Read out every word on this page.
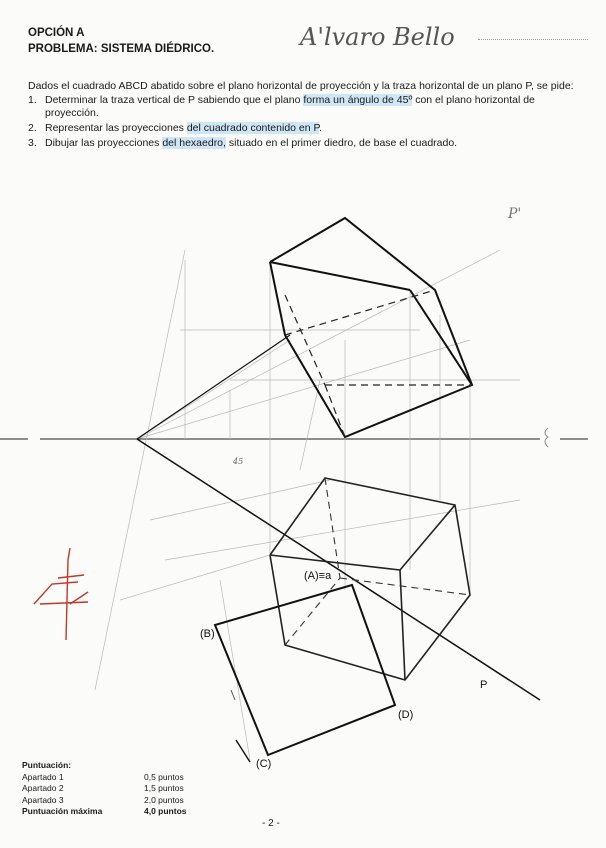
OPCIÓN A
PROBLEMA: SISTEMA DIÉDRICO.
Dados el cuadrado ABCD abatido sobre el plano horizontal de proyección y la traza horizontal de un plano P, se pide:
1. Determinar la traza vertical de P sabiendo que el plano forma un ángulo de 45º con el plano horizontal de proyección.
2. Representar las proyecciones del cuadrado contenido en P.
3. Dibujar las proyecciones del hexaedro, situado en el primer diedro, de base el cuadrado.
A'lvaro Bello
(A)≡a
(B)
(C)
(D)
P
P'
45
Puntuación:
Apartado 1	0,5 puntos
Apartado 2	1,5 puntos
Apartado 3	2,0 puntos
Puntuación máxima	4,0 puntos
- 2 -
